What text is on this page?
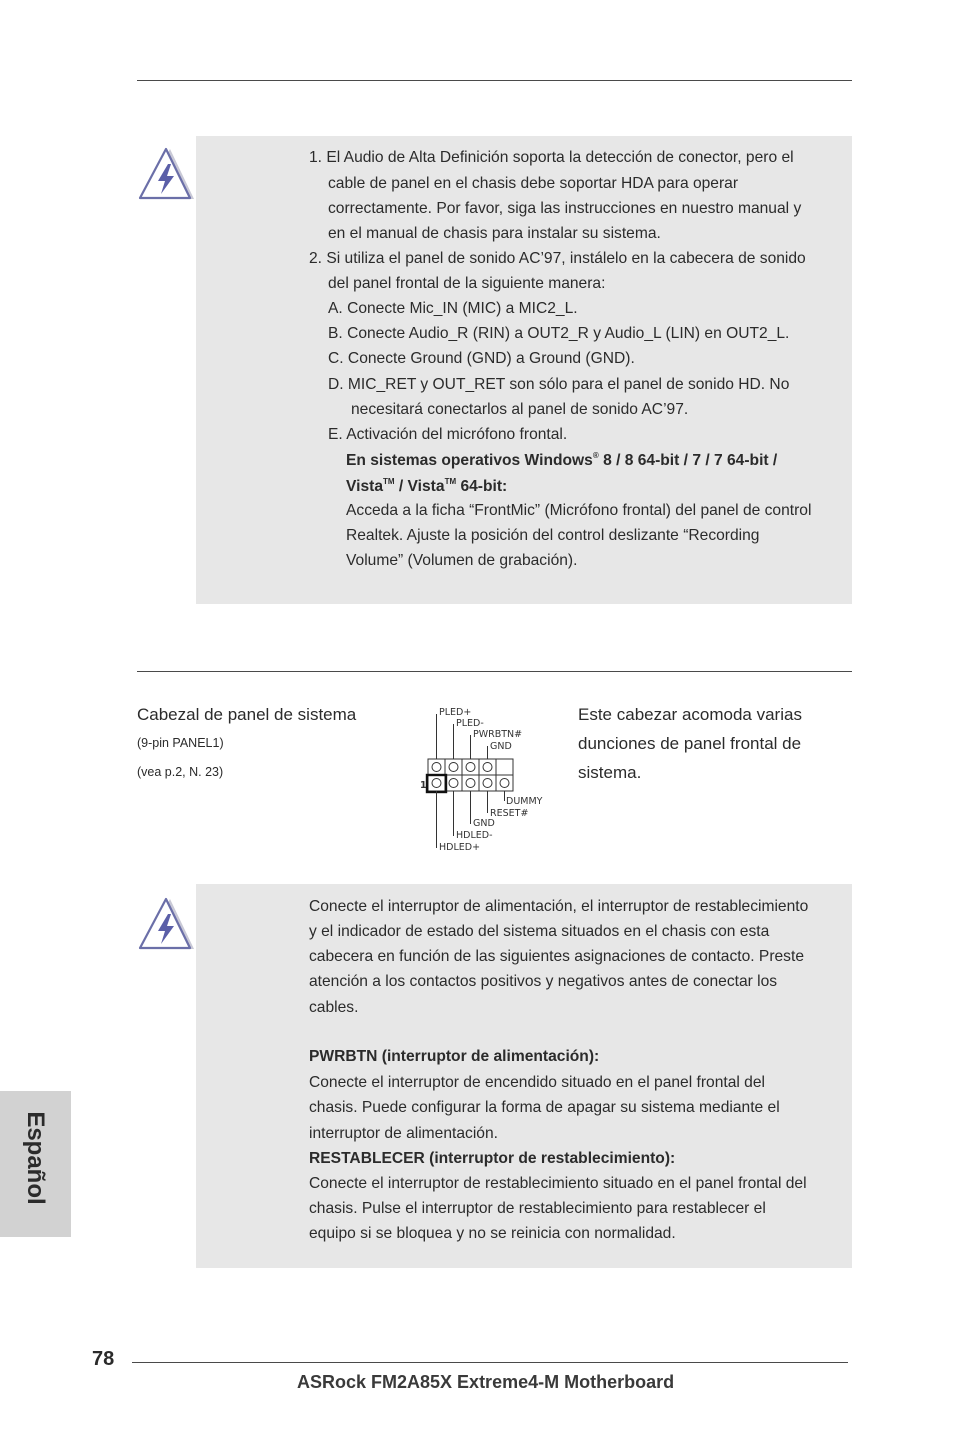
1. El Audio de Alta Definición soporta la detección de conector, pero el
cable de panel en el chasis debe soportar HDA para operar
correctamente. Por favor, siga las instrucciones en nuestro manual y
en el manual de chasis para instalar su sistema.
2. Si utiliza el panel de sonido AC’97, instálelo en la cabecera de sonido
del panel frontal de la siguiente manera:
A. Conecte Mic_IN (MIC) a MIC2_L.
B. Conecte Audio_R (RIN) a OUT2_R y Audio_L (LIN) en OUT2_L.
C. Conecte Ground (GND) a Ground (GND).
D. MIC_RET y OUT_RET son sólo para el panel de sonido HD. No
necesitará conectarlos al panel de sonido AC’97.
E. Activación del micrófono frontal.
En sistemas operativos Windows® 8 / 8 64-bit / 7 / 7 64-bit /
Vista™ / Vista™ 64-bit:
Acceda a la ficha “FrontMic” (Micrófono frontal) del panel de control
Realtek. Ajuste la posición del control deslizante “Recording
Volume” (Volumen de grabación).
Cabezal de panel de sistema
(9-pin PANEL1)
(vea p.2, N. 23)
Este cabezar acomoda varias
dunciones de panel frontal de
sistema.
PLED+
PLED-
PWRBTN#
GND
DUMMY
RESET#
GND
HDLED-
HDLED+
1
Conecte el interruptor de alimentación, el interruptor de restablecimiento
y el indicador de estado del sistema situados en el chasis con esta
cabecera en función de las siguientes asignaciones de contacto. Preste
atención a los contactos positivos y negativos antes de conectar los
cables.
PWRBTN (interruptor de alimentación):
Conecte el interruptor de encendido situado en el panel frontal del
chasis. Puede configurar la forma de apagar su sistema mediante el
interruptor de alimentación.
RESTABLECER (interruptor de restablecimiento):
Conecte el interruptor de restablecimiento situado en el panel frontal del
chasis. Pulse el interruptor de restablecimiento para restablecer el
equipo si se bloquea y no se reinicia con normalidad.
Español
78
ASRock FM2A85X Extreme4-M Motherboard
